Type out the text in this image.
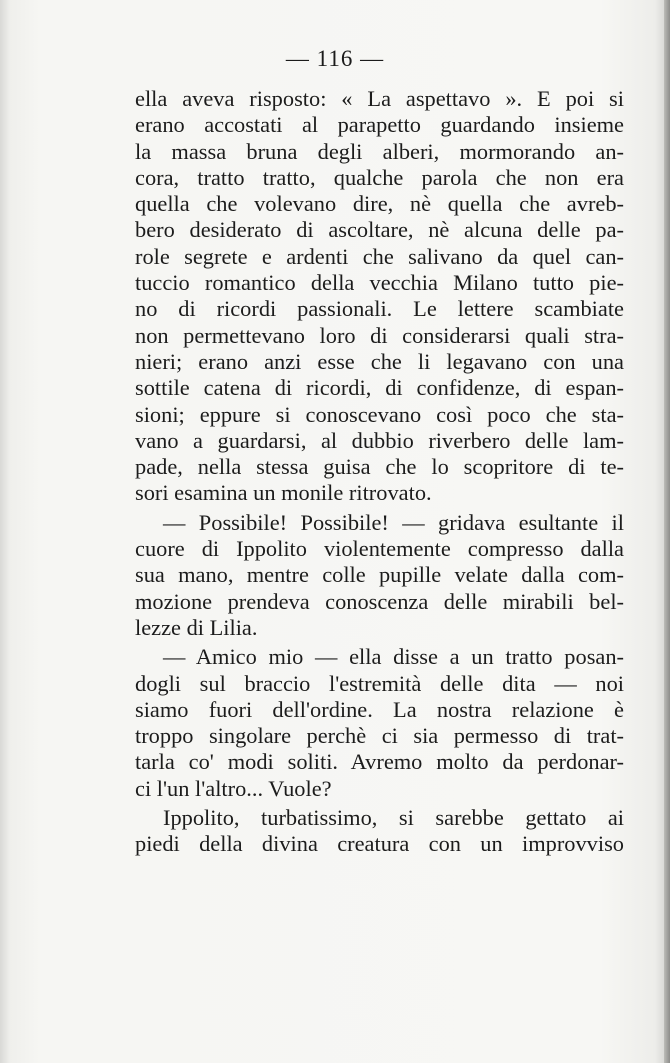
— 116 —
ella aveva risposto: « La aspettavo ». E poi si
erano accostati al parapetto guardando insieme
la massa bruna degli alberi, mormorando an-
cora, tratto tratto, qualche parola che non era
quella che volevano dire, nè quella che avreb-
bero desiderato di ascoltare, nè alcuna delle pa-
role segrete e ardenti che salivano da quel can-
tuccio romantico della vecchia Milano tutto pie-
no di ricordi passionali. Le lettere scambiate
non permettevano loro di considerarsi quali stra-
nieri; erano anzi esse che li legavano con una
sottile catena di ricordi, di confidenze, di espan-
sioni; eppure si conoscevano così poco che sta-
vano a guardarsi, al dubbio riverbero delle lam-
pade, nella stessa guisa che lo scopritore di te-
sori esamina un monile ritrovato.
— Possibile! Possibile! — gridava esultante il
cuore di Ippolito violentemente compresso dalla
sua mano, mentre colle pupille velate dalla com-
mozione prendeva conoscenza delle mirabili bel-
lezze di Lilia.
— Amico mio — ella disse a un tratto posan-
dogli sul braccio l'estremità delle dita — noi
siamo fuori dell'ordine. La nostra relazione è
troppo singolare perchè ci sia permesso di trat-
tarla co' modi soliti. Avremo molto da perdonar-
ci l'un l'altro... Vuole?
Ippolito, turbatissimo, si sarebbe gettato ai
piedi della divina creatura con un improvviso
